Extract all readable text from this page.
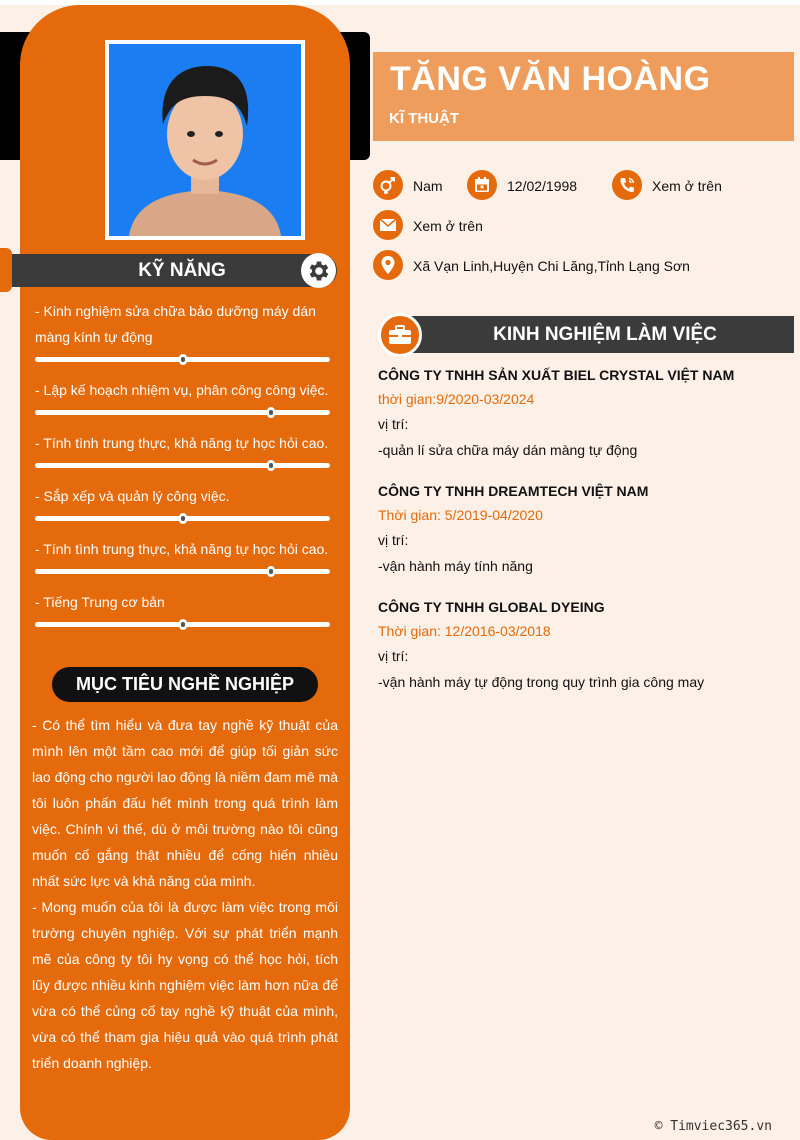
KỸ NĂNG

- Kinh nghiệm sửa chữa bảo dưỡng máy dán màng kính tự động

- Lập kế hoạch nhiệm vụ, phân công công việc.

- Tính tình trung thực, khả năng tự học hỏi cao.

- Sắp xếp và quản lý công việc.

- Tính tình trung thực, khả năng tự học hỏi cao.

- Tiếng Trung cơ bản

MỤC TIÊU NGHỀ NGHIỆP

- Có thể tìm hiểu và đưa tay nghề kỹ thuật của mình lên một tầm cao mới để giúp tối giản sức lao động cho người lao động là niềm đam mê mà tôi luôn phấn đấu hết mình trong quá trình làm việc. Chính vì thế, dù ở môi trường nào tôi cũng muốn cố gắng thật nhiều để cống hiến nhiều nhất sức lực và khả năng của mình.

- Mong muốn của tôi là được làm việc trong môi trường chuyên nghiệp. Với sự phát triển mạnh mẽ của công ty tôi hy vọng có thể học hỏi, tích lũy được nhiều kinh nghiệm việc làm hơn nữa để vừa có thể củng cố tay nghề kỹ thuật của mình, vừa có thể tham gia hiệu quả vào quá trình phát triển doanh nghiệp.

TĂNG VĂN HOÀNG
KĨ THUẬT
Nam	12/02/1998	Xem ở trên
Xem ở trên
Xã Vạn Linh,Huyện Chi Lăng,Tỉnh Lạng Sơn
KINH NGHIỆM LÀM VIỆC
CÔNG TY TNHH SẢN XUẤT BIEL CRYSTAL VIỆT NAM
thời gian:9/2020-03/2024
vị trí:
-quản lí sửa chữa máy dán màng tự động
CÔNG TY TNHH DREAMTECH VIỆT NAM
Thời gian: 5/2019-04/2020
vị trí:
-vận hành máy tính năng
CÔNG TY TNHH GLOBAL DYEING
Thời gian: 12/2016-03/2018
vị trí:
-vận hành máy tự động trong quy trình gia công may
© Timviec365.vn
